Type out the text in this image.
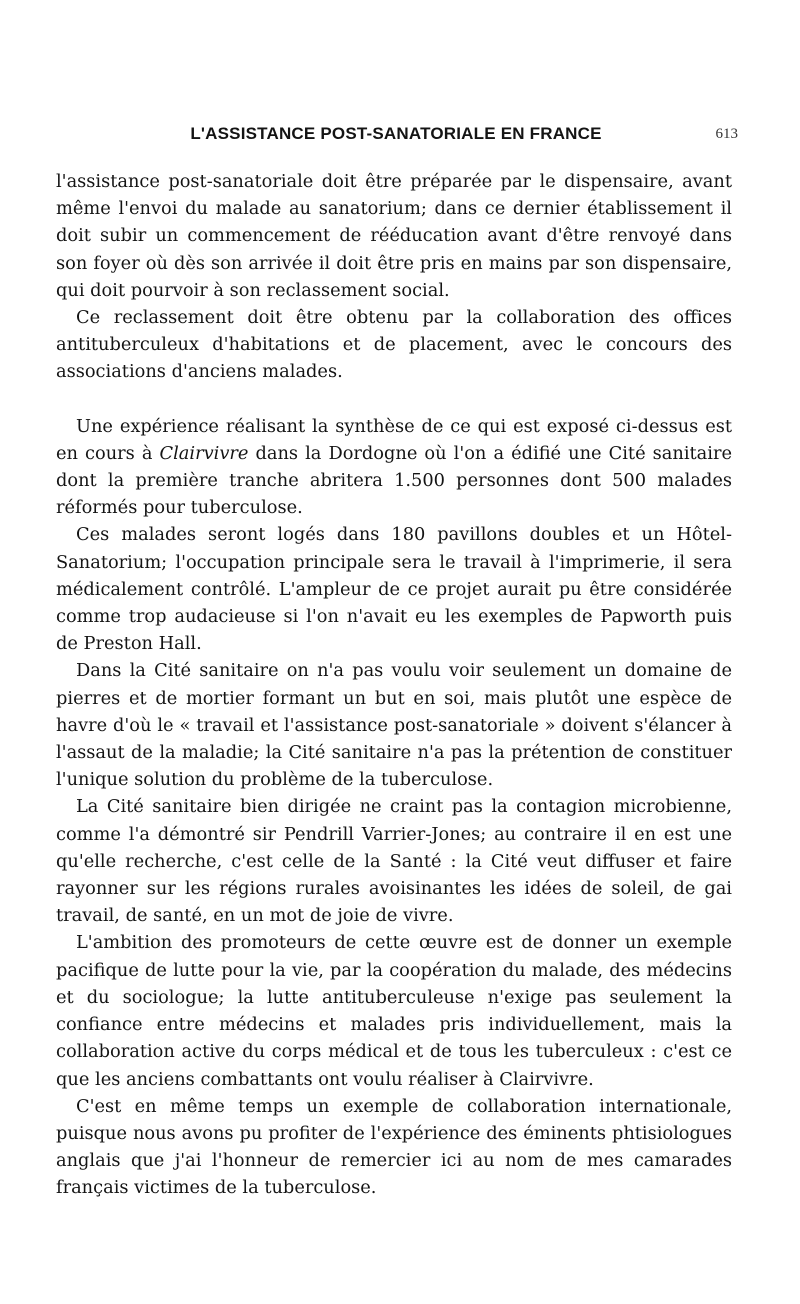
L'ASSISTANCE POST-SANATORIALE EN FRANCE	613

l'assistance post-sanatoriale doit être préparée par le dispensaire, avant même l'envoi du malade au sanatorium; dans ce dernier établissement il doit subir un commencement de rééducation avant d'être renvoyé dans son foyer où dès son arrivée il doit être pris en mains par son dispensaire, qui doit pourvoir à son reclassement social.

Ce reclassement doit être obtenu par la collaboration des offices antituberculeux d'habitations et de placement, avec le concours des associations d'anciens malades.

Une expérience réalisant la synthèse de ce qui est exposé ci-dessus est en cours à Clairvivre dans la Dordogne où l'on a édifié une Cité sanitaire dont la première tranche abritera 1.500 personnes dont 500 malades réformés pour tuberculose.

Ces malades seront logés dans 180 pavillons doubles et un Hôtel-Sanatorium; l'occupation principale sera le travail à l'imprimerie, il sera médicalement contrôlé. L'ampleur de ce projet aurait pu être considérée comme trop audacieuse si l'on n'avait eu les exemples de Papworth puis de Preston Hall.

Dans la Cité sanitaire on n'a pas voulu voir seulement un domaine de pierres et de mortier formant un but en soi, mais plutôt une espèce de havre d'où le « travail et l'assistance post-sanatoriale » doivent s'élancer à l'assaut de la maladie; la Cité sanitaire n'a pas la prétention de constituer l'unique solution du problème de la tuberculose.

La Cité sanitaire bien dirigée ne craint pas la contagion microbienne, comme l'a démontré sir Pendrill Varrier-Jones; au contraire il en est une qu'elle recherche, c'est celle de la Santé : la Cité veut diffuser et faire rayonner sur les régions rurales avoisinantes les idées de soleil, de gai travail, de santé, en un mot de joie de vivre.

L'ambition des promoteurs de cette œuvre est de donner un exemple pacifique de lutte pour la vie, par la coopération du malade, des médecins et du sociologue; la lutte antituberculeuse n'exige pas seulement la confiance entre médecins et malades pris individuellement, mais la collaboration active du corps médical et de tous les tuberculeux : c'est ce que les anciens combattants ont voulu réaliser à Clairvivre.

C'est en même temps un exemple de collaboration internationale, puisque nous avons pu profiter de l'expérience des éminents phtisiologues anglais que j'ai l'honneur de remercier ici au nom de mes camarades français victimes de la tuberculose.
